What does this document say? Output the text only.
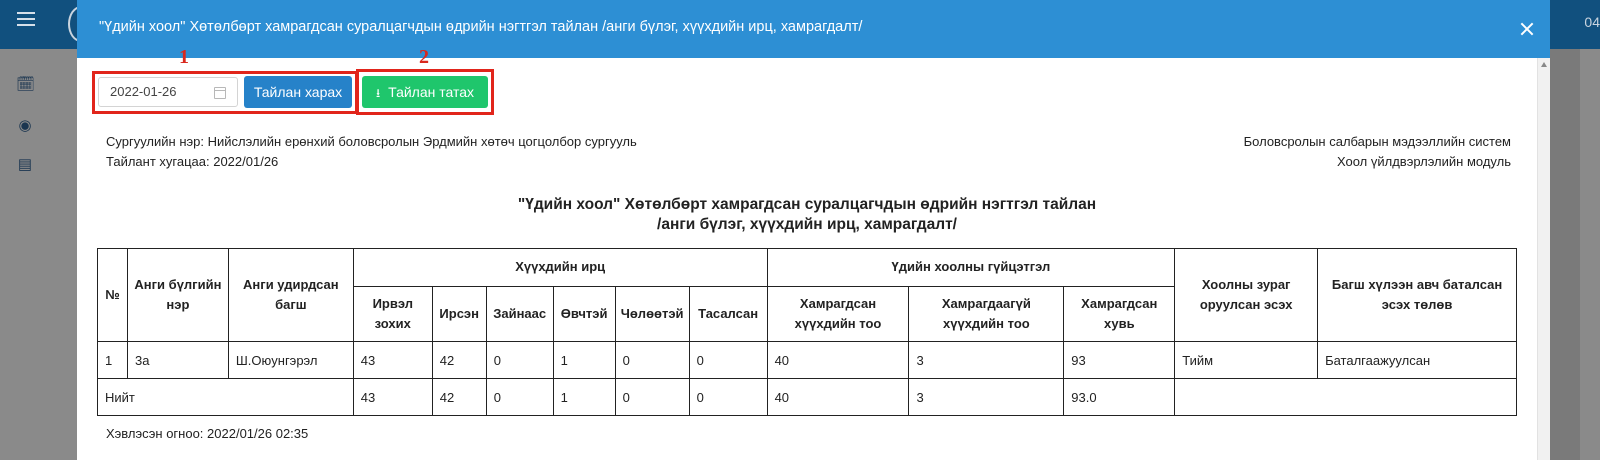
04
🗓
◉
▤
"Үдийн хоол" Хөтөлбөрт хамрагдсан суралцагчдын өдрийн нэгтгэл тайлан /анги бүлэг, хүүхдийн ирц, хамрагдалт/
1	2
2022-01-26	Тайлан харах	⭳ Тайлан татах
Сургуулийн нэр: Нийслэлийн ерөнхий боловсролын Эрдмийн хөтөч цогцолбор сургууль
Тайлант хугацаа: 2022/01/26
Боловсролын салбарын мэдээллийн систем
Хоол үйлдвэрлэлийн модуль
"Үдийн хоол" Хөтөлбөрт хамрагдсан суралцагчдын өдрийн нэгтгэл тайлан
/анги бүлэг, хүүхдийн ирц, хамрагдалт/
№	Анги бүлгийн нэр	Анги удирдсан багш	Хүүхдийн ирц						Үдийн хоолны гүйцэтгэл			Хоолны зураг оруулсан эсэх	Багш хүлээн авч баталсан эсэх төлөв
			Ирвэл зохих	Ирсэн	Зайнаас	Өвчтэй	Чөлөөтэй	Тасалсан	Хамрагдсан хүүхдийн тоо	Хамрагдаагүй хүүхдийн тоо	Хамрагдсан хувь		
1	3а	Ш.Оюунгэрэл	43	42	0	1	0	0	40	3	93	Тийм	Баталгаажуулсан
Нийт			43	42	0	1	0	0	40	3	93.0		
Хэвлэсэн огноо: 2022/01/26 02:35
